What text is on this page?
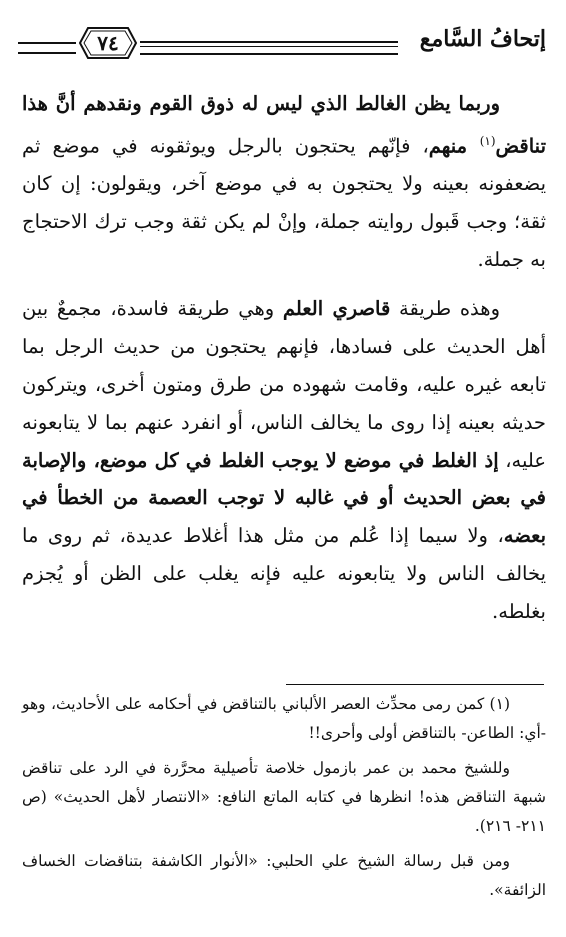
إتحافُ السَّامع
٧٤

وربما يظن الغالط الذي ليس له ذوق القوم ونقدهم أنَّ هذا تناقض$^{(١)}$ منهم، فإنّهم يحتجون بالرجل ويوثقونه في موضع ثم يضعفونه بعينه ولا يحتجون به في موضع آخر، ويقولون: إن كان ثقة؛ وجب قَبول روايته جملة، وإنْ لم يكن ثقة وجب ترك الاحتجاج به جملة.

وهذه طريقة قاصري العلم وهي طريقة فاسدة، مجمعٌ بين أهل الحديث على فسادها، فإنهم يحتجون من حديث الرجل بما تابعه غيره عليه، وقامت شهوده من طرق ومتون أخرى، ويتركون حديثه بعينه إذا روى ما يخالف الناس، أو انفرد عنهم بما لا يتابعونه عليه، إذ الغلط في موضع لا يوجب الغلط في كل موضع، والإصابة في بعض الحديث أو في غالبه لا توجب العصمة من الخطأ في بعضه، ولا سيما إذا عُلم من مثل هذا أغلاط عديدة، ثم روى ما يخالف الناس ولا يتابعونه عليه فإنه يغلب على الظن أو يُجزم بغلطه.

(١) كمن رمى محدِّث العصر الألباني بالتناقض في أحكامه على الأحاديث، وهو -أي: الطاعن- بالتناقض أولى وأحرى!!

وللشيخ محمد بن عمر بازمول خلاصة تأصيلية محرَّرة في الرد على تناقض شبهة التناقض هذه! انظرها في كتابه الماتع النافع: «الانتصار لأهل الحديث» (ص ٢١١- ٢١٦).

ومن قبل رسالة الشيخ علي الحلبي: «الأنوار الكاشفة بتناقضات الخساف الزائفة».
